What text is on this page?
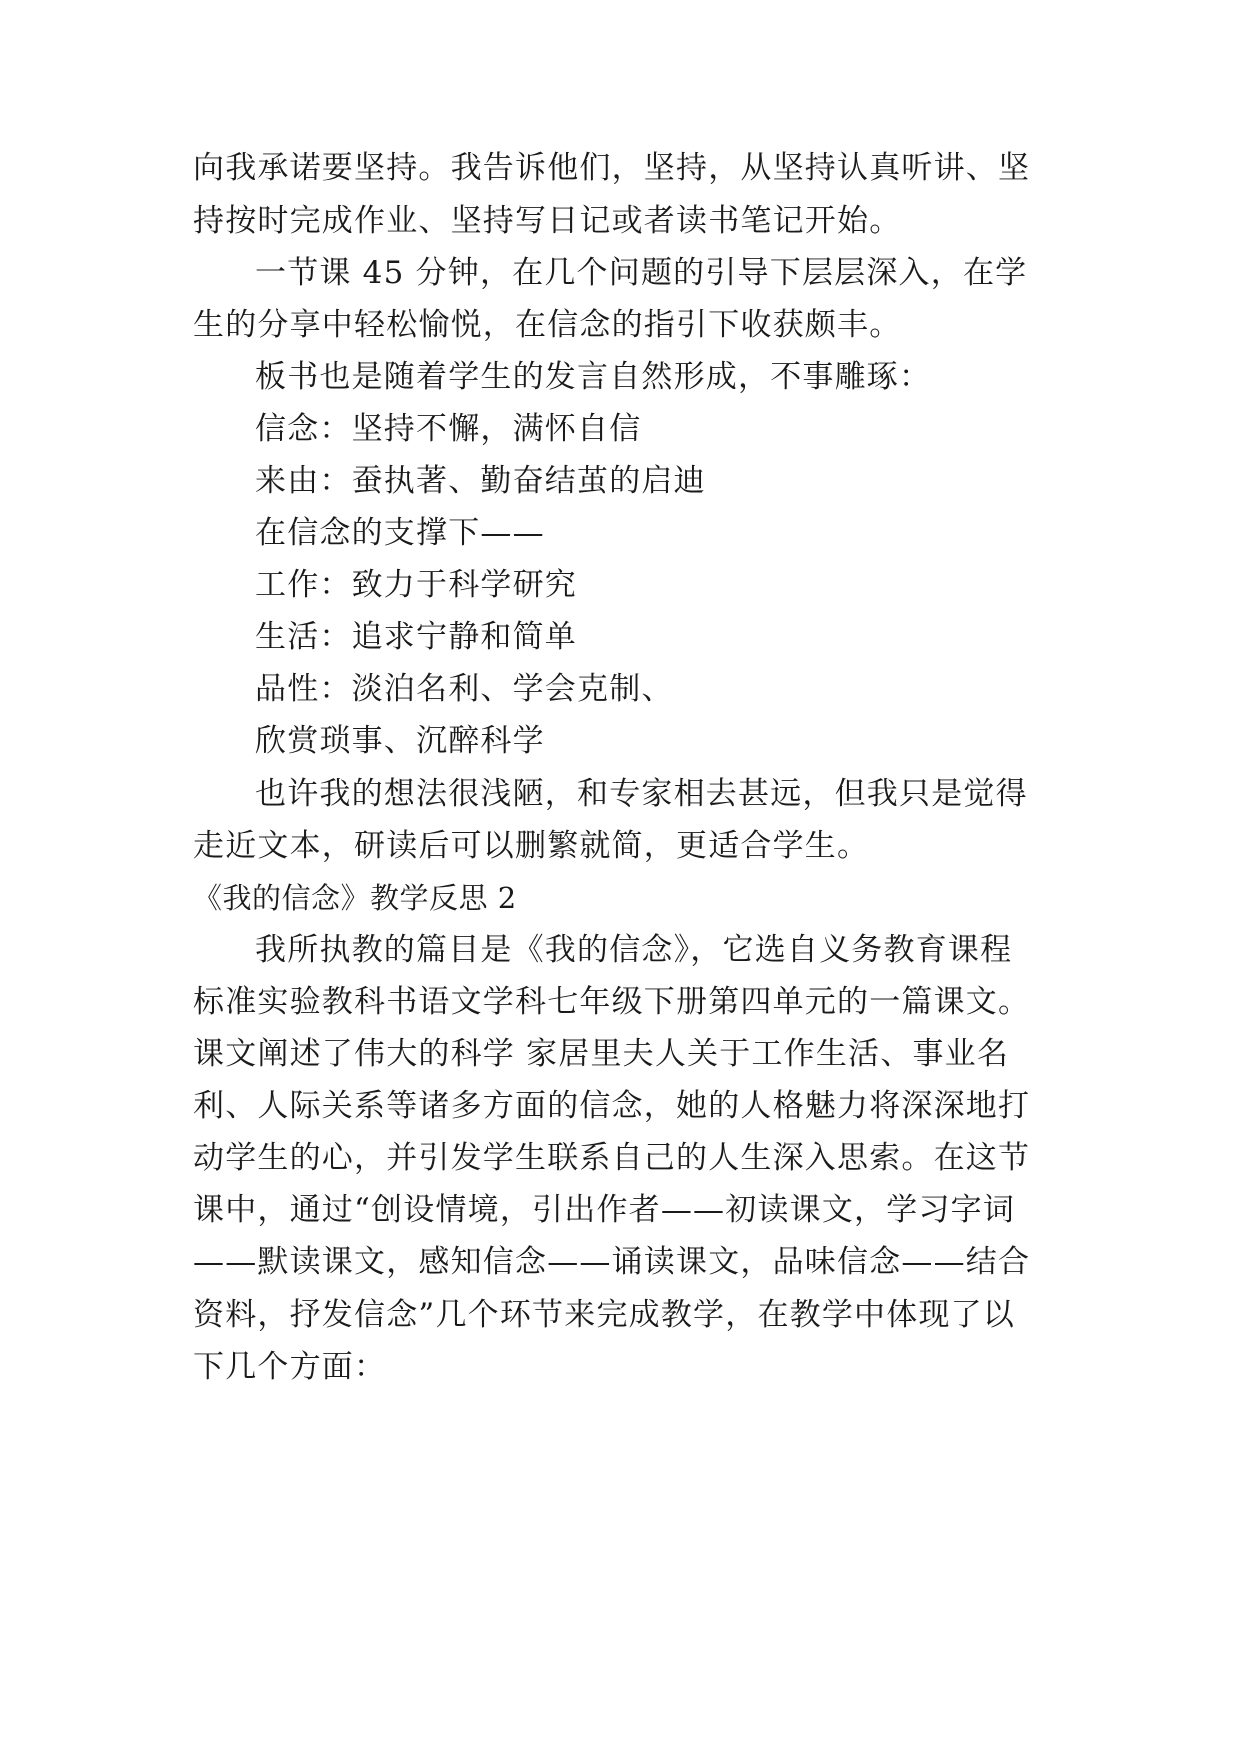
向我承诺要坚持。我告诉他们，坚持，从坚持认真听讲、坚
持按时完成作业、坚持写日记或者读书笔记开始。
一节课 45 分钟，在几个问题的引导下层层深入，在学
生的分享中轻松愉悦，在信念的指引下收获颇丰。
板书也是随着学生的发言自然形成，不事雕琢：
信念：坚持不懈，满怀自信
来由：蚕执著、勤奋结茧的启迪
在信念的支撑下——
工作：致力于科学研究
生活：追求宁静和简单
品性：淡泊名利、学会克制、
欣赏琐事、沉醉科学
也许我的想法很浅陋，和专家相去甚远，但我只是觉得
走近文本，研读后可以删繁就简，更适合学生。
《我的信念》教学反思 2
我所执教的篇目是《我的信念》，它选自义务教育课程
标准实验教科书语文学科七年级下册第四单元的一篇课文。
课文阐述了伟大的科学 家居里夫人关于工作生活、事业名
利、人际关系等诸多方面的信念，她的人格魅力将深深地打
动学生的心，并引发学生联系自己的人生深入思索。在这节
课中，通过“创设情境，引出作者——初读课文，学习字词
——默读课文，感知信念——诵读课文，品味信念——结合
资料，抒发信念”几个环节来完成教学，在教学中体现了以
下几个方面：
